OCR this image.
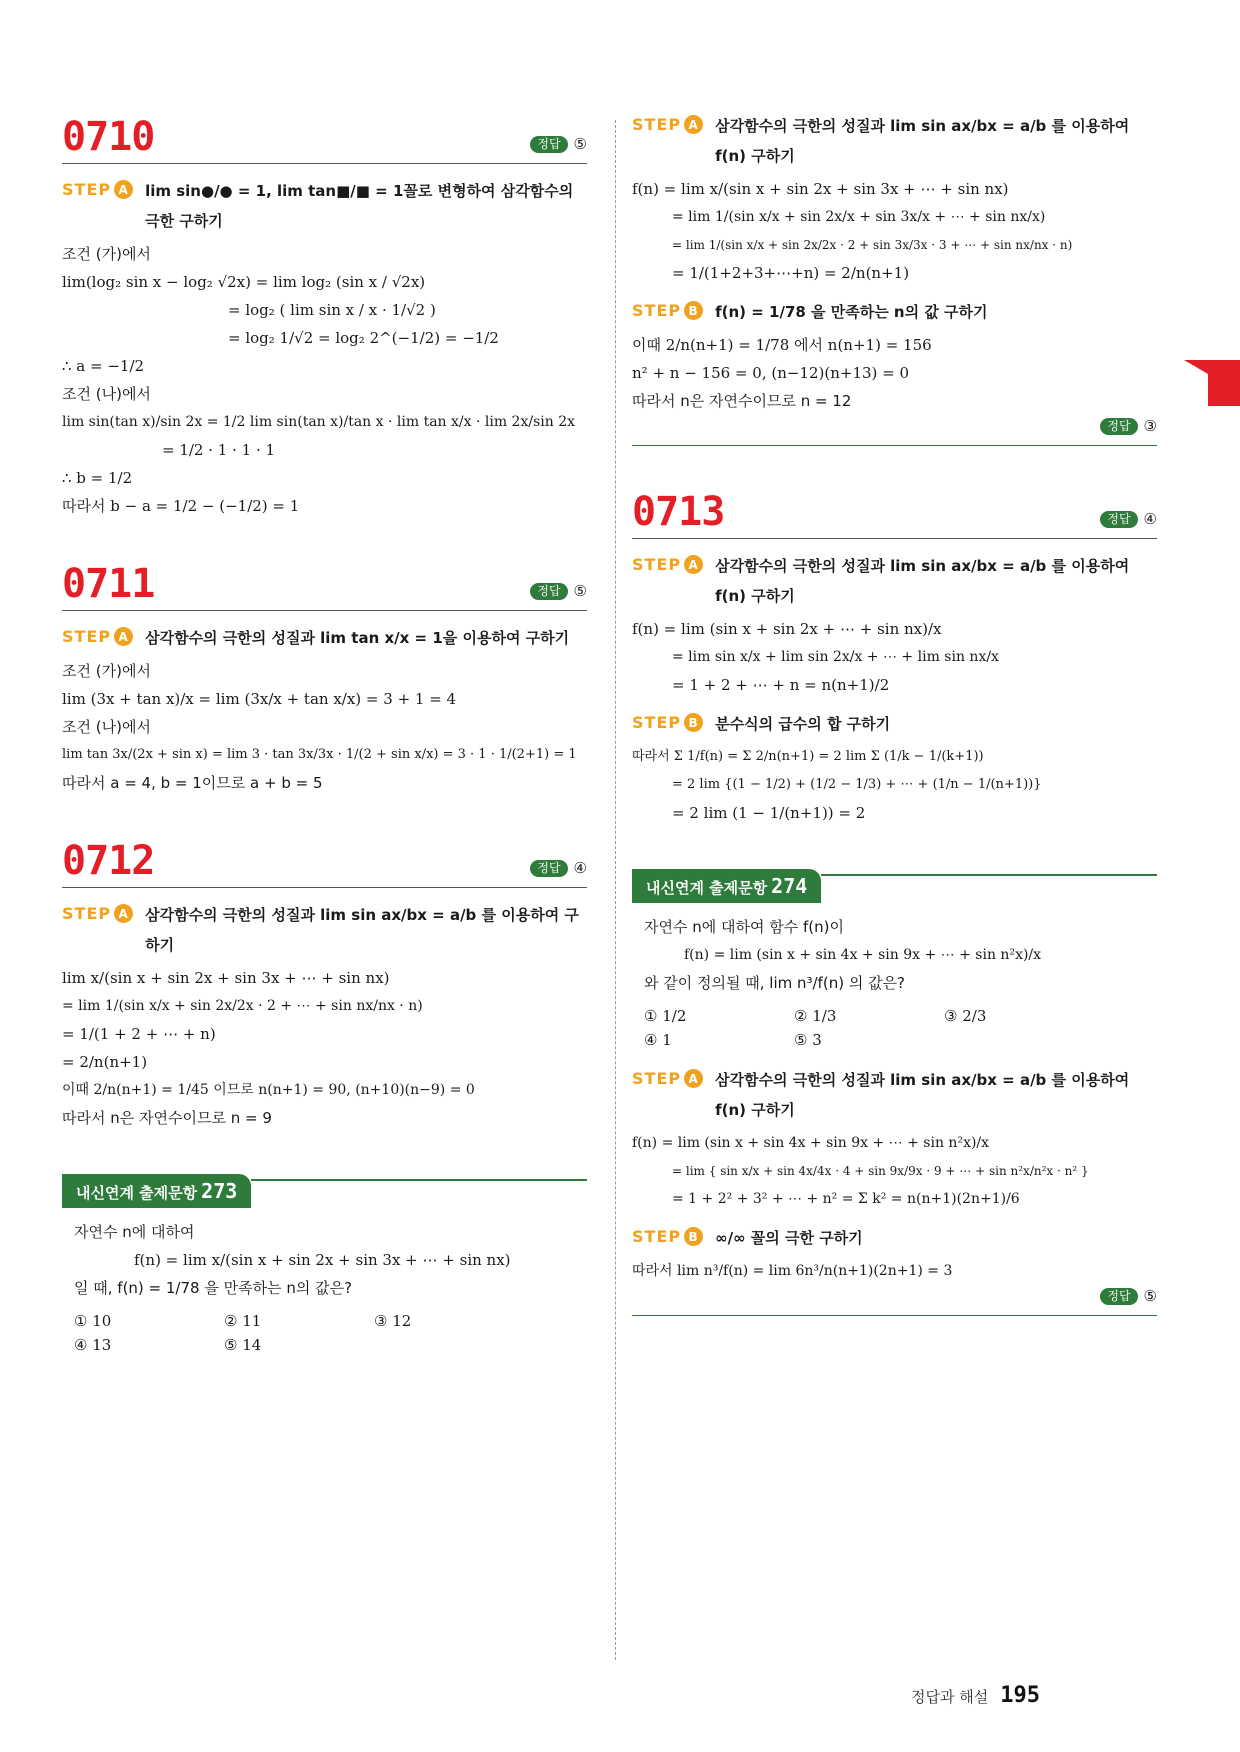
0710	정답 ⑤
STEP A lim sin●/● = 1, lim tan■/■ = 1꼴로 변형하여 삼각함수의 극한 구하기
조건 (가)에서
lim(log₂ sin x − log₂ √2x) = lim log₂ (sin x / √2x)
= log₂ ( lim sin x / x · 1/√2 )
= log₂ 1/√2 = log₂ 2^(−1/2) = −1/2
∴ a = −1/2
조건 (나)에서
lim sin(tan x)/sin 2x = 1/2 lim sin(tan x)/tan x · lim tan x/x · lim 2x/sin 2x
= 1/2 · 1 · 1 · 1
∴ b = 1/2
따라서 b − a = 1/2 − (−1/2) = 1
0711	정답 ⑤
STEP A 삼각함수의 극한의 성질과 lim tan x/x = 1을 이용하여 구하기
조건 (가)에서
lim (3x + tan x)/x = lim (3x/x + tan x/x) = 3 + 1 = 4
조건 (나)에서
lim tan 3x/(2x + sin x) = lim 3 · tan 3x/3x · 1/(2 + sin x/x) = 3 · 1 · 1/(2+1) = 1
따라서 a = 4, b = 1이므로 a + b = 5
0712	정답 ④
STEP A 삼각함수의 극한의 성질과 lim sin ax/bx = a/b 를 이용하여 구하기
lim x/(sin x + sin 2x + sin 3x + ⋯ + sin nx)
= lim 1/(sin x/x + sin 2x/2x · 2 + ⋯ + sin nx/nx · n)
= 1/(1 + 2 + ⋯ + n)
= 2/n(n+1)
이때 2/n(n+1) = 1/45 이므로 n(n+1) = 90, (n+10)(n−9) = 0
따라서 n은 자연수이므로 n = 9
내신연계 출제문항 273
자연수 n에 대하여
f(n) = lim x/(sin x + sin 2x + sin 3x + ⋯ + sin nx)
일 때, f(n) = 1/78 을 만족하는 n의 값은?
① 10	② 11	③ 12
④ 13	⑤ 14
STEP A 삼각함수의 극한의 성질과 lim sin ax/bx = a/b 를 이용하여 f(n) 구하기
f(n) = lim x/(sin x + sin 2x + sin 3x + ⋯ + sin nx)
= lim 1/(sin x/x + sin 2x/x + sin 3x/x + ⋯ + sin nx/x)
= lim 1/(sin x/x + sin 2x/2x · 2 + sin 3x/3x · 3 + ⋯ + sin nx/nx · n)
= 1/(1+2+3+⋯+n) = 2/n(n+1)
STEP B f(n) = 1/78 을 만족하는 n의 값 구하기
이때 2/n(n+1) = 1/78 에서 n(n+1) = 156
n² + n − 156 = 0, (n−12)(n+13) = 0
따라서 n은 자연수이므로 n = 12
정답 ③
0713	정답 ④
STEP A 삼각함수의 극한의 성질과 lim sin ax/bx = a/b 를 이용하여 f(n) 구하기
f(n) = lim (sin x + sin 2x + ⋯ + sin nx)/x
= lim sin x/x + lim sin 2x/x + ⋯ + lim sin nx/x
= 1 + 2 + ⋯ + n = n(n+1)/2
STEP B 분수식의 급수의 합 구하기
따라서 Σ 1/f(n) = Σ 2/n(n+1) = 2 lim Σ (1/k − 1/(k+1))
= 2 lim {(1 − 1/2) + (1/2 − 1/3) + ⋯ + (1/n − 1/(n+1))}
= 2 lim (1 − 1/(n+1)) = 2
내신연계 출제문항 274
자연수 n에 대하여 함수 f(n)이
f(n) = lim (sin x + sin 4x + sin 9x + ⋯ + sin n²x)/x
와 같이 정의될 때, lim n³/f(n) 의 값은?
① 1/2	② 1/3	③ 2/3
④ 1	⑤ 3
STEP A 삼각함수의 극한의 성질과 lim sin ax/bx = a/b 를 이용하여 f(n) 구하기
f(n) = lim (sin x + sin 4x + sin 9x + ⋯ + sin n²x)/x
= lim { sin x/x + sin 4x/4x · 4 + sin 9x/9x · 9 + ⋯ + sin n²x/n²x · n² }
= 1 + 2² + 3² + ⋯ + n² = Σ k² = n(n+1)(2n+1)/6
STEP B ∞/∞ 꼴의 극한 구하기
따라서 lim n³/f(n) = lim 6n³/n(n+1)(2n+1) = 3
정답 ⑤
정답과 해설 195
